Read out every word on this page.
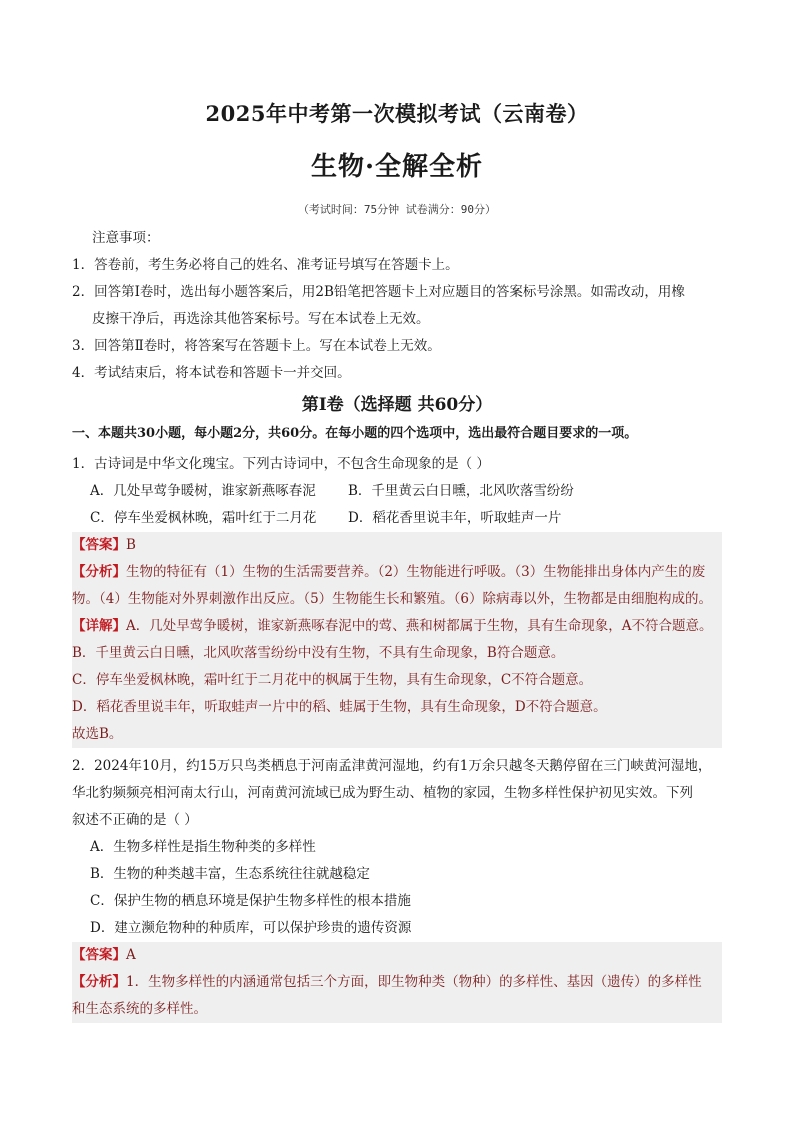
2025年中考第一次模拟考试（云南卷）
生物·全解全析
（考试时间：75分钟 试卷满分：90分）
注意事项：
1．答卷前，考生务必将自己的姓名、准考证号填写在答题卡上。
2．回答第Ⅰ卷时，选出每小题答案后，用2B铅笔把答题卡上对应题目的答案标号涂黑。如需改动，用橡
皮擦干净后，再选涂其他答案标号。写在本试卷上无效。
3．回答第Ⅱ卷时，将答案写在答题卡上。写在本试卷上无效。
4．考试结束后，将本试卷和答题卡一并交回。
第Ⅰ卷（选择题 共60分）
一、本题共30小题，每小题2分，共60分。在每小题的四个选项中，选出最符合题目要求的一项。
1．古诗词是中华文化瑰宝。下列古诗词中，不包含生命现象的是（ ）
A．几处早莺争暖树，谁家新燕啄春泥	B．千里黄云白日曛，北风吹落雪纷纷
C．停车坐爱枫林晚，霜叶红于二月花	D．稻花香里说丰年，听取蛙声一片
【答案】B
【分析】生物的特征有（1）生物的生活需要营养。（2）生物能进行呼吸。（3）生物能排出身体内产生的废
物。（4）生物能对外界刺激作出反应。（5）生物能生长和繁殖。（6）除病毒以外，生物都是由细胞构成的。
【详解】A．几处早莺争暖树，谁家新燕啄春泥中的莺、燕和树都属于生物，具有生命现象，A不符合题意。
B．千里黄云白日曛，北风吹落雪纷纷中没有生物，不具有生命现象，B符合题意。
C．停车坐爱枫林晚，霜叶红于二月花中的枫属于生物，具有生命现象，C不符合题意。
D．稻花香里说丰年，听取蛙声一片中的稻、蛙属于生物，具有生命现象，D不符合题意。
故选B。
2．2024年10月，约15万只鸟类栖息于河南孟津黄河湿地，约有1万余只越冬天鹅停留在三门峡黄河湿地，
华北豹频频亮相河南太行山，河南黄河流域已成为野生动、植物的家园，生物多样性保护初见实效。下列
叙述不正确的是（ ）
A．生物多样性是指生物种类的多样性
B．生物的种类越丰富，生态系统往往就越稳定
C．保护生物的栖息环境是保护生物多样性的根本措施
D．建立濒危物种的种质库，可以保护珍贵的遗传资源
【答案】A
【分析】1．生物多样性的内涵通常包括三个方面，即生物种类（物种）的多样性、基因（遗传）的多样性
和生态系统的多样性。
